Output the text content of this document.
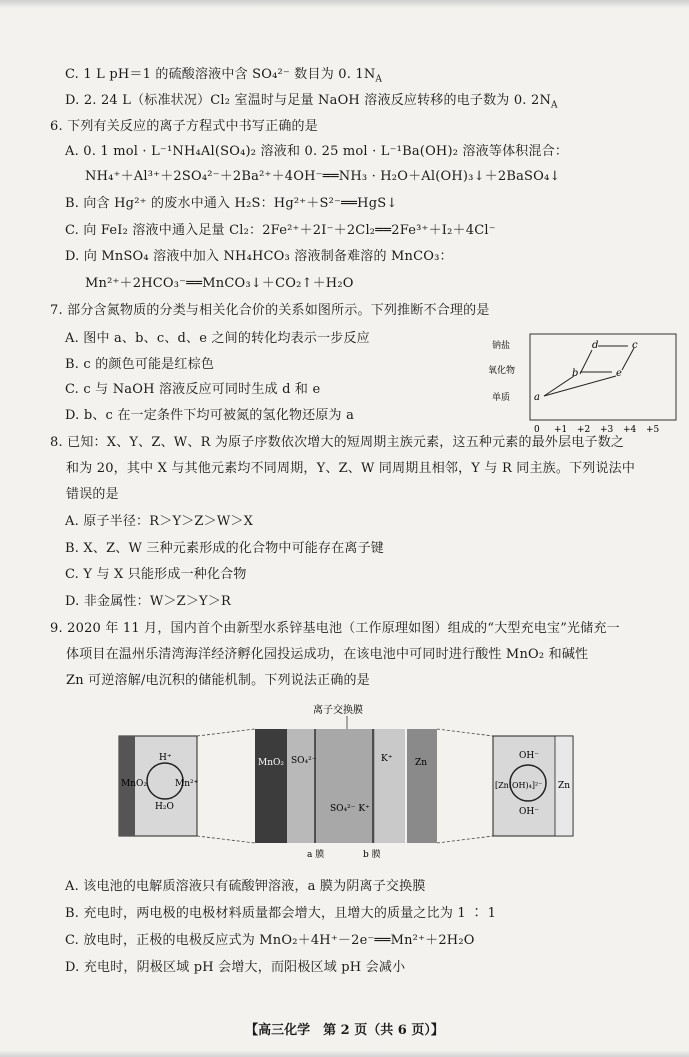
C. 1 L pH＝1 的硫酸溶液中含 SO₄²⁻ 数目为 0. $1N_A$
D. 2. 24 L（标准状况）Cl₂ 室温时与足量 NaOH 溶液反应转移的电子数为 0. $2N_A$
6. 下列有关反应的离子方程式中书写正确的是
A. 0. 1 mol · L⁻¹NH₄Al(SO₄)₂ 溶液和 0. 25 mol · L⁻¹Ba(OH)₂ 溶液等体积混合：
NH₄⁺＋Al³⁺＋2SO₄²⁻＋2Ba²⁺＋4OH⁻══NH₃ · H₂O＋Al(OH)₃↓＋2BaSO₄↓
B. 向含 Hg²⁺ 的废水中通入 H₂S：Hg²⁺＋S²⁻══HgS↓
C. 向 FeI₂ 溶液中通入足量 Cl₂：2Fe²⁺＋2I⁻＋2Cl₂══2Fe³⁺＋I₂＋4Cl⁻
D. 向 MnSO₄ 溶液中加入 NH₄HCO₃ 溶液制备难溶的 MnCO₃：
Mn²⁺＋2HCO₃⁻══MnCO₃↓＋CO₂↑＋H₂O
7. 部分含氮物质的分类与相关化合价的关系如图所示。下列推断不合理的是
A. 图中 a、b、c、d、e 之间的转化均表示一步反应
B. c 的颜色可能是红棕色
C. c 与 NaOH 溶液反应可同时生成 d 和 e
D. b、c 在一定条件下均可被氮的氢化物还原为 a
钠盐
氧化物
单质
0 +1 +2 +3 +4 +5
a
b
c
d
e
8. 已知：X、Y、Z、W、R 为原子序数依次增大的短周期主族元素，这五种元素的最外层电子数之
和为 20，其中 X 与其他元素均不同周期，Y、Z、W 同周期且相邻，Y 与 R 同主族。下列说法中
错误的是
A. 原子半径：R＞Y＞Z＞W＞X
B. X、Z、W 三种元素形成的化合物中可能存在离子键
C. Y 与 X 只能形成一种化合物
D. 非金属性：W＞Z＞Y＞R
9. 2020 年 11 月，国内首个由新型水系锌基电池（工作原理如图）组成的“大型充电宝”光储充一
体项目在温州乐清湾海洋经济孵化园投运成功，在该电池中可同时进行酸性 MnO₂ 和碱性
Zn 可逆溶解/电沉积的储能机制。下列说法正确的是
离子交换膜
H⁺
MnO₂	Mn²⁺
H₂O
MnO₂ SO₄²⁻	K⁺	Zn
SO₄²⁻ K⁺
a 膜	b 膜
OH⁻
[Zn(OH)₄]²⁻ Zn
OH⁻
A. 该电池的电解质溶液只有硫酸钾溶液，a 膜为阴离子交换膜
B. 充电时，两电极的电极材料质量都会增大，且增大的质量之比为 1 ∶ 1
C. 放电时，正极的电极反应式为 MnO₂＋4H⁺－2e⁻══Mn²⁺＋2H₂O
D. 充电时，阴极区域 pH 会增大，而阳极区域 pH 会减小
【高三化学　第 2 页（共 6 页）】
